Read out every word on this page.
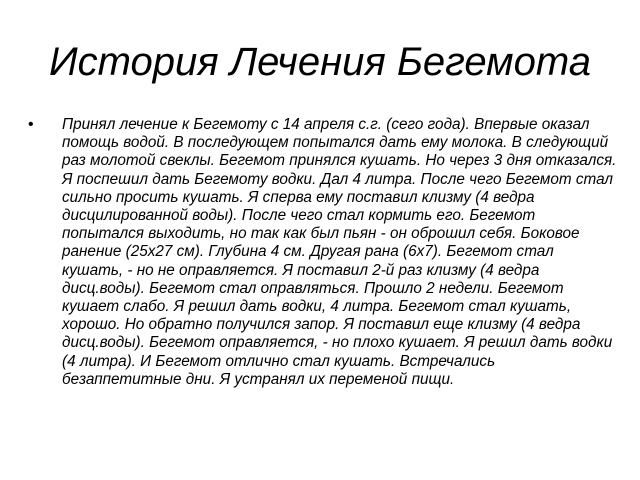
История Лечения Бегемота
•	Принял лечение к Бегемоту с 14 апреля с.г. (сего года). Впервые оказал помощь водой. В последующем попытался дать ему молока. В следующий раз молотой свеклы. Бегемот принялся кушать. Но через 3 дня отказался. Я поспешил дать Бегемоту водки. Дал 4 литра. После чего Бегемот стал сильно просить кушать. Я сперва ему поставил клизму (4 ведра дисцилированной воды). После чего стал кормить его. Бегемот попытался выходить, но так как был пьян - он оброшил себя. Боковое ранение (25х27 см). Глубина 4 см. Другая рана (6х7). Бегемот стал кушать, - но не оправляется. Я поставил 2-й раз клизму (4 ведра дисц.воды). Бегемот стал оправляться. Прошло 2 недели. Бегемот кушает слабо. Я решил дать водки, 4 литра. Бегемот стал кушать, хорошо. Но обратно получился запор. Я поставил еще клизму (4 ведра дисц.воды). Бегемот оправляется, - но плохо кушает. Я решил дать водки (4 литра). И Бегемот отлично стал кушать. Встречались безаппетитные дни. Я устранял их переменой пищи.
